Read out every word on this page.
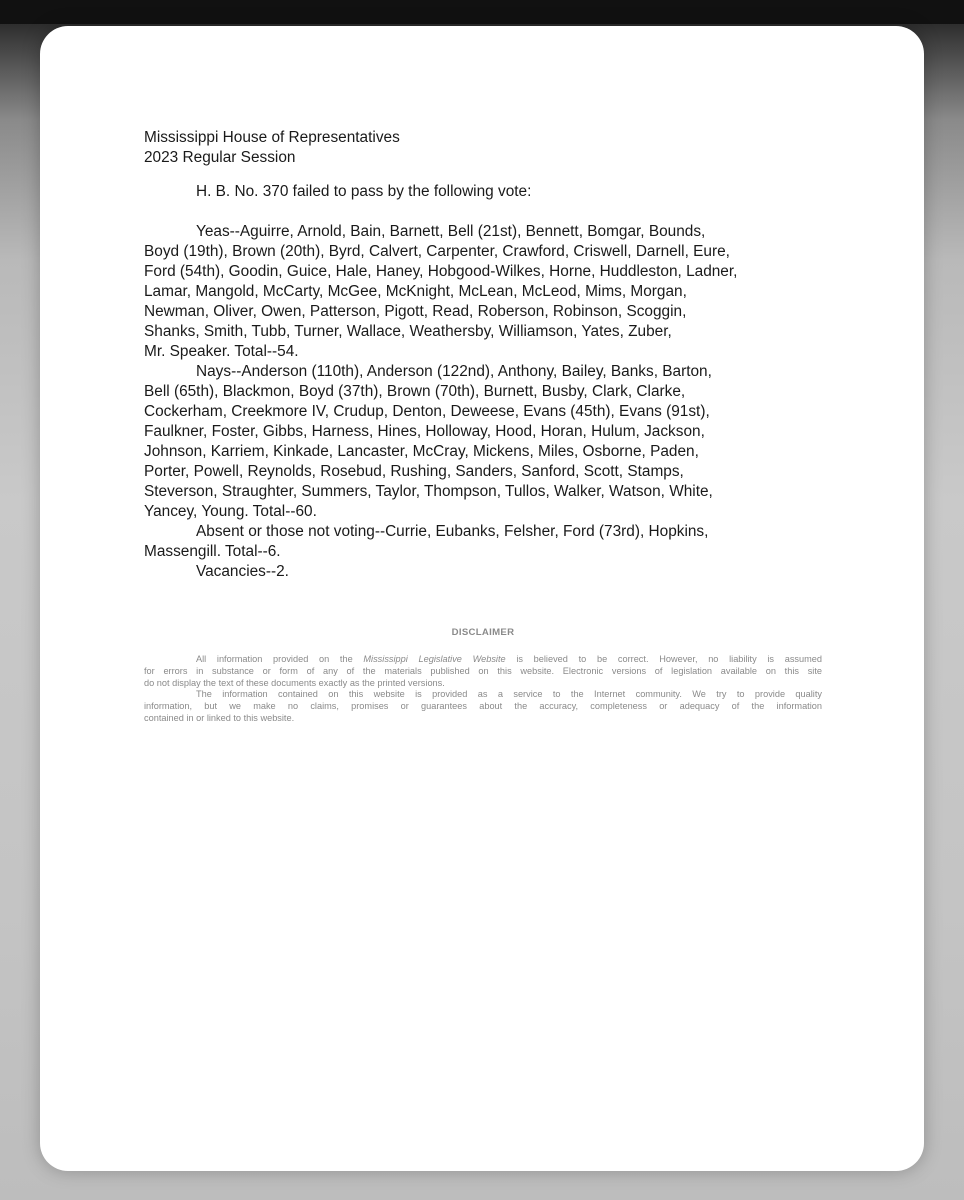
Mississippi House of Representatives

2023 Regular Session

H. B. No. 370 failed to pass by the following vote:

Yeas--Aguirre, Arnold, Bain, Barnett, Bell (21st), Bennett, Bomgar, Bounds,
Boyd (19th), Brown (20th), Byrd, Calvert, Carpenter, Crawford, Criswell, Darnell, Eure,
Ford (54th), Goodin, Guice, Hale, Haney, Hobgood-Wilkes, Horne, Huddleston, Ladner,
Lamar, Mangold, McCarty, McGee, McKnight, McLean, McLeod, Mims, Morgan,
Newman, Oliver, Owen, Patterson, Pigott, Read, Roberson, Robinson, Scoggin,
Shanks, Smith, Tubb, Turner, Wallace, Weathersby, Williamson, Yates, Zuber,
Mr. Speaker. Total--54.

Nays--Anderson (110th), Anderson (122nd), Anthony, Bailey, Banks, Barton,
Bell (65th), Blackmon, Boyd (37th), Brown (70th), Burnett, Busby, Clark, Clarke,
Cockerham, Creekmore IV, Crudup, Denton, Deweese, Evans (45th), Evans (91st),
Faulkner, Foster, Gibbs, Harness, Hines, Holloway, Hood, Horan, Hulum, Jackson,
Johnson, Karriem, Kinkade, Lancaster, McCray, Mickens, Miles, Osborne, Paden,
Porter, Powell, Reynolds, Rosebud, Rushing, Sanders, Sanford, Scott, Stamps,
Steverson, Straughter, Summers, Taylor, Thompson, Tullos, Walker, Watson, White,
Yancey, Young. Total--60.

Absent or those not voting--Currie, Eubanks, Felsher, Ford (73rd), Hopkins,
Massengill. Total--6.

Vacancies--2.

DISCLAIMER

All information provided on the Mississippi Legislative Website is believed to be correct. However, no liability is assumed
for errors in substance or form of any of the materials published on this website. Electronic versions of legislation available on this site
do not display the text of these documents exactly as the printed versions.

The information contained on this website is provided as a service to the Internet community. We try to provide quality
information, but we make no claims, promises or guarantees about the accuracy, completeness or adequacy of the information
contained in or linked to this website.
